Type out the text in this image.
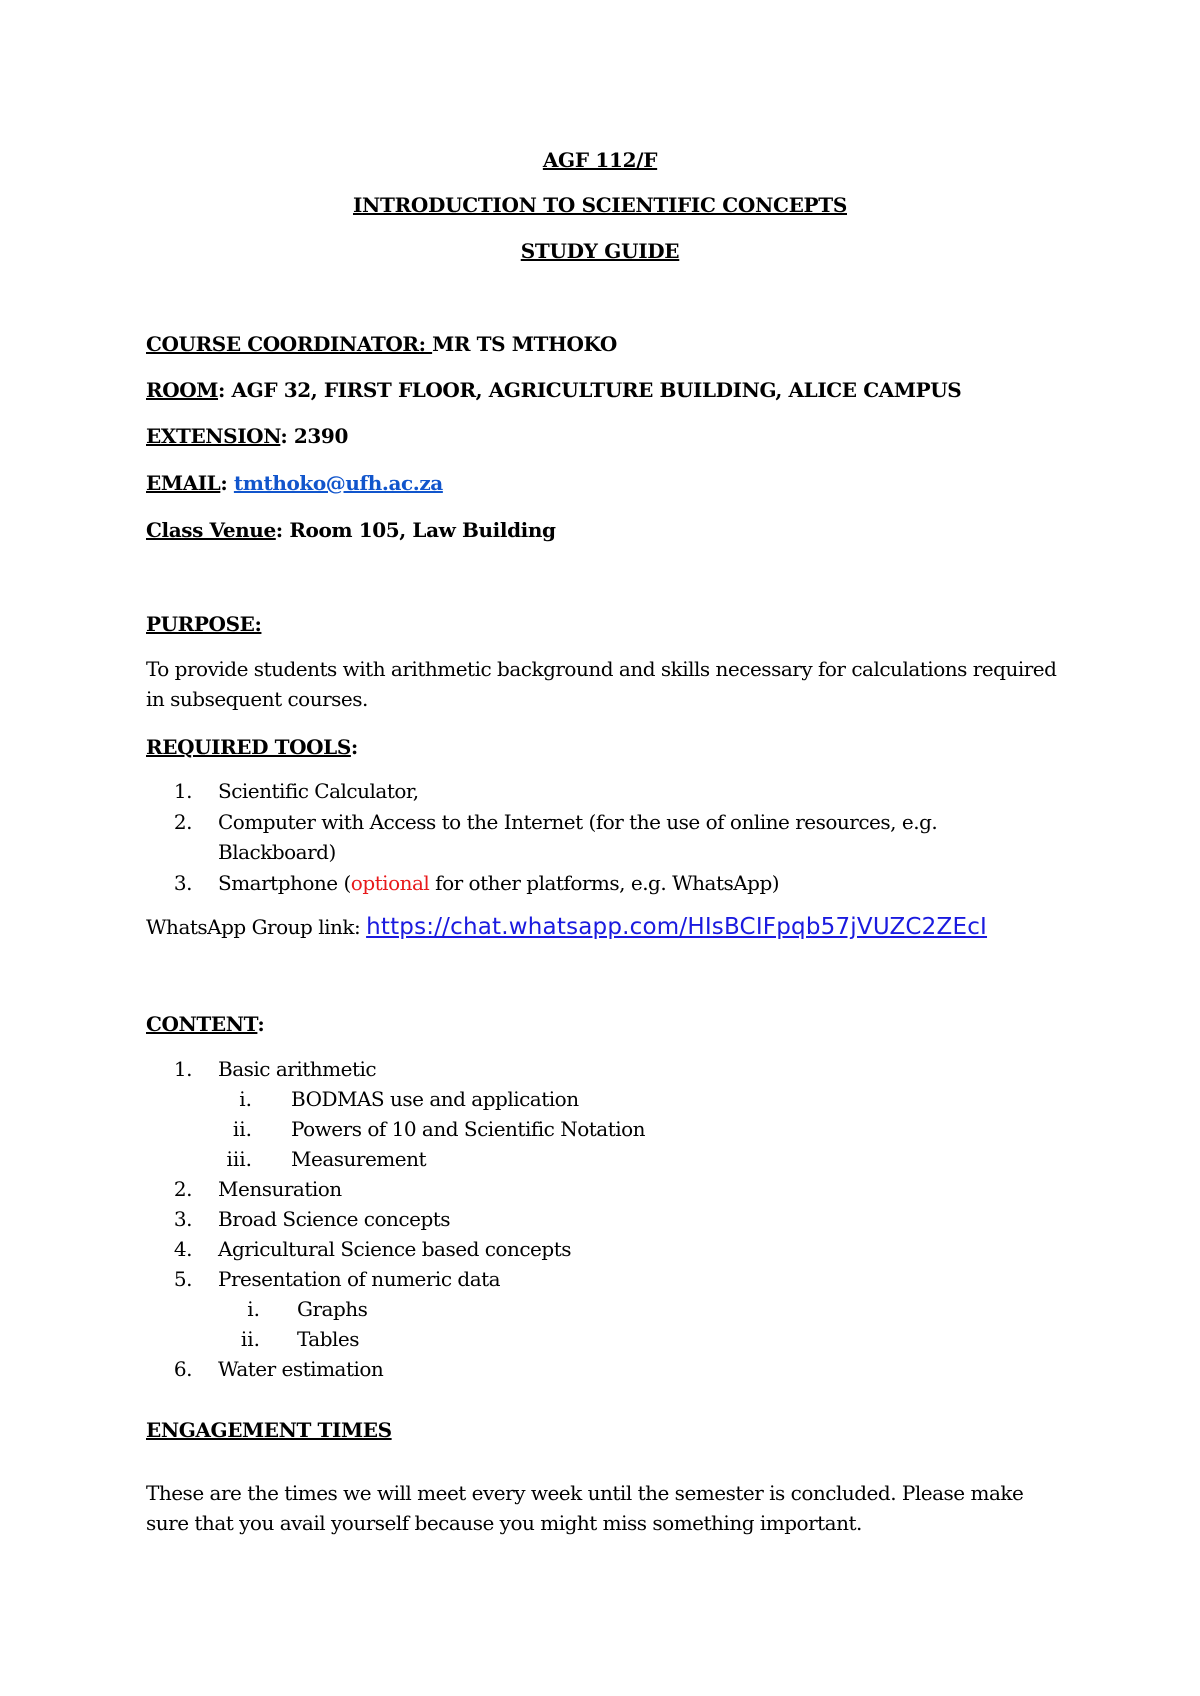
AGF 112/F

INTRODUCTION TO SCIENTIFIC CONCEPTS

STUDY GUIDE

COURSE COORDINATOR: MR TS MTHOKO

ROOM: AGF 32, FIRST FLOOR, AGRICULTURE BUILDING, ALICE CAMPUS

EXTENSION: 2390

EMAIL: tmthoko@ufh.ac.za

Class Venue: Room 105, Law Building

PURPOSE:

To provide students with arithmetic background and skills necessary for calculations required in subsequent courses.

REQUIRED TOOLS:

1. Scientific Calculator,
2. Computer with Access to the Internet (for the use of online resources, e.g.
Blackboard)
3. Smartphone (optional for other platforms, e.g. WhatsApp)

WhatsApp Group link: https://chat.whatsapp.com/HIsBCIFpqb57jVUZC2ZEcI

CONTENT:

1. Basic arithmetic
i. BODMAS use and application
ii. Powers of 10 and Scientific Notation
iii. Measurement
2. Mensuration
3. Broad Science concepts
4. Agricultural Science based concepts
5. Presentation of numeric data
i. Graphs
ii. Tables
6. Water estimation

ENGAGEMENT TIMES

These are the times we will meet every week until the semester is concluded. Please make sure that you avail yourself because you might miss something important.
